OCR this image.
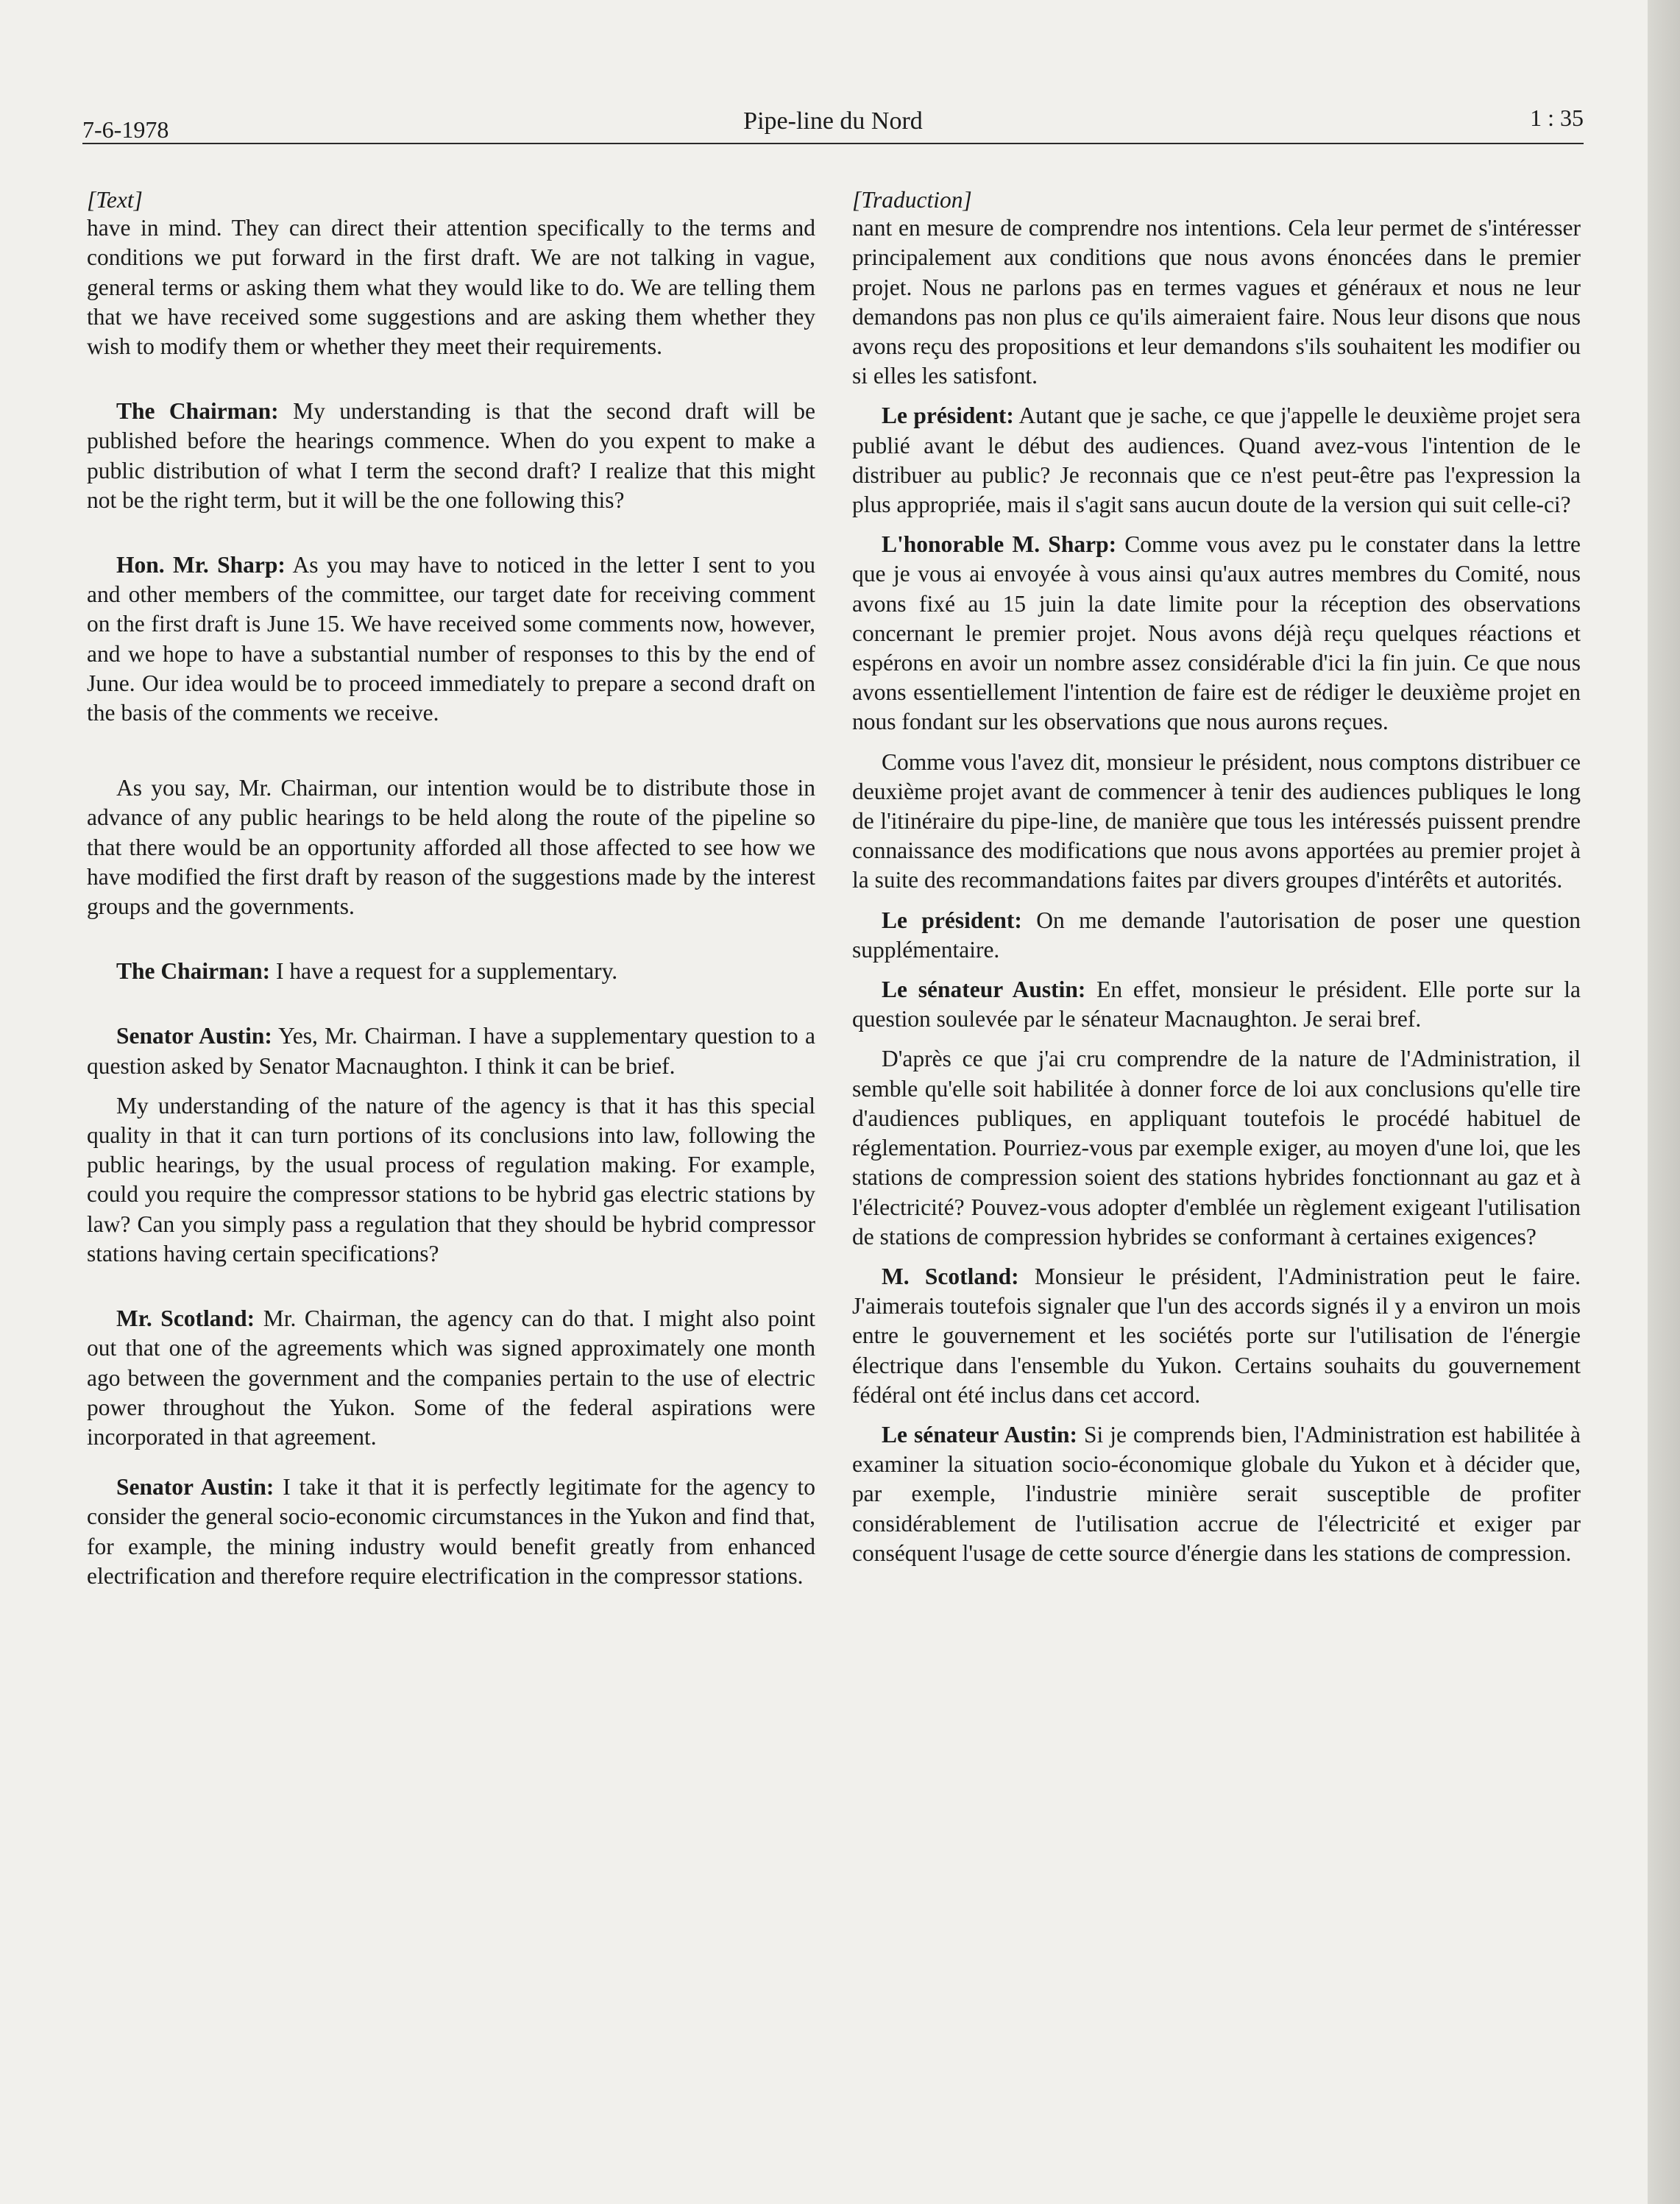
7-6-1978	Pipe-line du Nord	1 : 35

[Text]

have in mind. They can direct their attention specifically to the terms and conditions we put forward in the first draft. We are not talking in vague, general terms or asking them what they would like to do. We are telling them that we have received some suggestions and are asking them whether they wish to modify them or whether they meet their requirements.

The Chairman: My understanding is that the second draft will be published before the hearings commence. When do you expent to make a public distribution of what I term the second draft? I realize that this might not be the right term, but it will be the one following this?

Hon. Mr. Sharp: As you may have to noticed in the letter I sent to you and other members of the committee, our target date for receiving comment on the first draft is June 15. We have received some comments now, however, and we hope to have a substantial number of responses to this by the end of June. Our idea would be to proceed immediately to prepare a second draft on the basis of the comments we receive.

As you say, Mr. Chairman, our intention would be to distribute those in advance of any public hearings to be held along the route of the pipeline so that there would be an opportunity afforded all those affected to see how we have modified the first draft by reason of the suggestions made by the interest groups and the governments.

The Chairman: I have a request for a supplementary.

Senator Austin: Yes, Mr. Chairman. I have a supplementary question to a question asked by Senator Macnaughton. I think it can be brief.

My understanding of the nature of the agency is that it has this special quality in that it can turn portions of its conclusions into law, following the public hearings, by the usual process of regulation making. For example, could you require the compressor stations to be hybrid gas electric stations by law? Can you simply pass a regulation that they should be hybrid compressor stations having certain specifications?

Mr. Scotland: Mr. Chairman, the agency can do that. I might also point out that one of the agreements which was signed approximately one month ago between the government and the companies pertain to the use of electric power throughout the Yukon. Some of the federal aspirations were incorporated in that agreement.

Senator Austin: I take it that it is perfectly legitimate for the agency to consider the general socio-economic circumstances in the Yukon and find that, for example, the mining industry would benefit greatly from enhanced electrification and therefore require electrification in the compressor stations.

[Traduction]

nant en mesure de comprendre nos intentions. Cela leur permet de s'intéresser principalement aux conditions que nous avons énoncées dans le premier projet. Nous ne parlons pas en termes vagues et généraux et nous ne leur demandons pas non plus ce qu'ils aimeraient faire. Nous leur disons que nous avons reçu des propositions et leur demandons s'ils souhaitent les modifier ou si elles les satisfont.

Le président: Autant que je sache, ce que j'appelle le deuxième projet sera publié avant le début des audiences. Quand avez-vous l'intention de le distribuer au public? Je reconnais que ce n'est peut-être pas l'expression la plus appropriée, mais il s'agit sans aucun doute de la version qui suit celle-ci?

L'honorable M. Sharp: Comme vous avez pu le constater dans la lettre que je vous ai envoyée à vous ainsi qu'aux autres membres du Comité, nous avons fixé au 15 juin la date limite pour la réception des observations concernant le premier projet. Nous avons déjà reçu quelques réactions et espérons en avoir un nombre assez considérable d'ici la fin juin. Ce que nous avons essentiellement l'intention de faire est de rédiger le deuxième projet en nous fondant sur les observations que nous aurons reçues.

Comme vous l'avez dit, monsieur le président, nous comptons distribuer ce deuxième projet avant de commencer à tenir des audiences publiques le long de l'itinéraire du pipe-line, de manière que tous les intéressés puissent prendre connaissance des modifications que nous avons apportées au premier projet à la suite des recommandations faites par divers groupes d'intérêts et autorités.

Le président: On me demande l'autorisation de poser une question supplémentaire.

Le sénateur Austin: En effet, monsieur le président. Elle porte sur la question soulevée par le sénateur Macnaughton. Je serai bref.

D'après ce que j'ai cru comprendre de la nature de l'Administration, il semble qu'elle soit habilitée à donner force de loi aux conclusions qu'elle tire d'audiences publiques, en appliquant toutefois le procédé habituel de réglementation. Pourriez-vous par exemple exiger, au moyen d'une loi, que les stations de compression soient des stations hybrides fonctionnant au gaz et à l'électricité? Pouvez-vous adopter d'emblée un règlement exigeant l'utilisation de stations de compression hybrides se conformant à certaines exigences?

M. Scotland: Monsieur le président, l'Administration peut le faire. J'aimerais toutefois signaler que l'un des accords signés il y a environ un mois entre le gouvernement et les sociétés porte sur l'utilisation de l'énergie électrique dans l'ensemble du Yukon. Certains souhaits du gouvernement fédéral ont été inclus dans cet accord.

Le sénateur Austin: Si je comprends bien, l'Administration est habilitée à examiner la situation socio-économique globale du Yukon et à décider que, par exemple, l'industrie minière serait susceptible de profiter considérablement de l'utilisation accrue de l'électricité et exiger par conséquent l'usage de cette source d'énergie dans les stations de compression.
